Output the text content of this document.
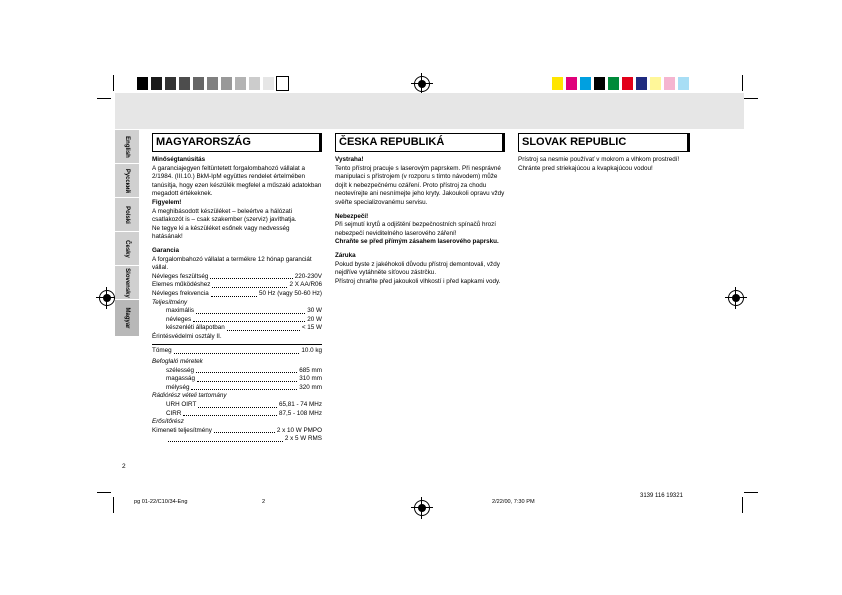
English
Русский
Polski
Česky
Slovensky
Magyar
2
MAGYARORSZÁG

Minőségtanúsítás

A garanciajegyen feltüntetett forgalombahozó vállalat a 2/1984. (III.10.) BkM-IpM együttes rendelet értelmében tanúsítja, hogy ezen készülék megfelel a műszaki adatokban megadott értékeknek.

Figyelem!

A meghibásodott készüléket – beleértve a hálózati csatlakozót is – csak szakember (szerviz) javíthatja.

Ne tegye ki a készüléket esőnek vagy nedvesség hatásának!

Garancia

A forgalombahozó vállalat a termékre 12 hónap garanciát vállal.

Névleges feszültség	220-230V
Elemes működéshez	2 X AA/R06
Névleges frekvencia	50 Hz (vagy 50-60 Hz)

Teljesítmény

maximális	30 W
névleges	20 W
készenléti állapotban	< 15 W

Érintésvédelmi osztály II.

Tömeg	10.0 kg

Befoglaló méretek

szélesség	685 mm
magasság	310 mm
mélység	320 mm

Rádiórész vételi tartomány

URH OIRT	65,81 - 74 MHz
CIRR	87,5 - 108 MHz

Erősítőrész

Kimeneti teljesítmény	2 x 10 W PMPO
2 x 5 W RMS
ČESKA REPUBLIKÁ

Vystraha!

Tento přístroj pracuje s laserovým paprskem. Při nesprávné manipulaci s přístrojem (v rozporu s tímto návodem) může dojít k nebezpečnému ozáření. Proto přístroj za chodu neotevírejte ani nesnímejte jeho kryty. Jakoukoli opravu vždy svěřte specializovanému servisu.

Nebezpečí!

Při sejmutí krytů a odjištění bezpečnostních spínačů hrozí nebezpečí neviditelného laserového záření!

Chraňte se před přímým zásahem laserového paprsku.

Záruka

Pokud byste z jakéhokoli důvodu přístroj demontovali, vždy nejdříve vytáhněte síťovou zástrčku.

Přístroj chraňte před jakoukoli vlhkostí i před kapkami vody.

SLOVAK REPUBLIC

Prístroj sa nesmie používať v mokrom a vlhkom prostredí! Chránte pred striekajúcou a kvapkajúcou vodou!

pg 01-22/C10/34-Eng	2	2/22/00, 7:30 PM
3139 116 19321
